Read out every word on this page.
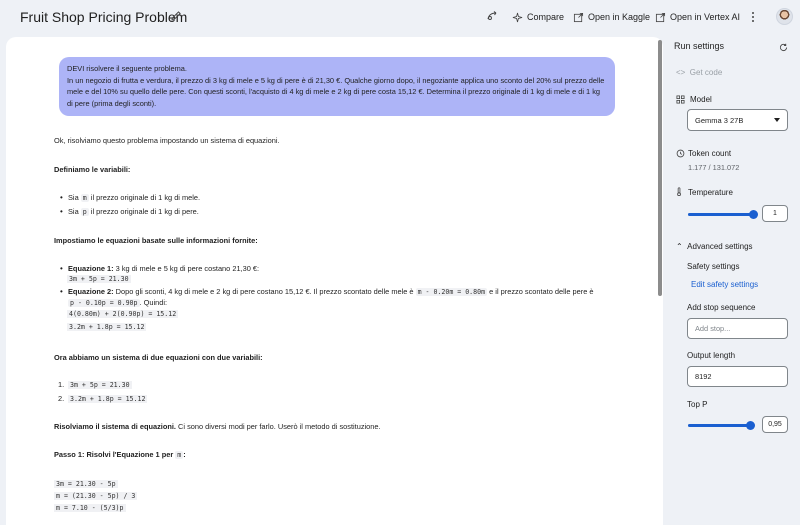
Fruit Shop Pricing Problem	Compare	Open in Kaggle Open in Vertex AI

DEVI risolvere il seguente problema.

In un negozio di frutta e verdura, il prezzo di 3 kg di mele e 5 kg di pere è di 21,30 €. Qualche giorno dopo, il negoziante applica uno sconto del 20% sul prezzo delle mele e del 10% su quello delle pere. Con questi sconti, l'acquisto di 4 kg di mele e 2 kg di pere costa 15,12 €. Determina il prezzo originale di 1 kg di mele e di 1 kg di pere (prima degli sconti).

Ok, risolviamo questo problema impostando un sistema di equazioni.
Definiamo le variabili:
• Sia m il prezzo originale di 1 kg di mele.
• Sia p il prezzo originale di 1 kg di pere.
Impostiamo le equazioni basate sulle informazioni fornite:
• Equazione 1: 3 kg di mele e 5 kg di pere costano 21,30 €:
3m + 5p = 21.30
• Equazione 2: Dopo gli sconti, 4 kg di mele e 2 kg di pere costano 15,12 €. Il prezzo scontato delle mele è m - 0.20m = 0.80m e il prezzo scontato delle pere è
p - 0.10p = 0.90p . Quindi:
4(0.80m) + 2(0.90p) = 15.12
3.2m + 1.8p = 15.12
Ora abbiamo un sistema di due equazioni con due variabili:
1. 3m + 5p = 21.30
2. 3.2m + 1.8p = 15.12
Risolviamo il sistema di equazioni. Ci sono diversi modi per farlo. Userò il metodo di sostituzione.
Passo 1: Risolvi l'Equazione 1 per m :
3m = 21.30 - 5p
m = (21.30 - 5p) / 3
m = 7.10 - (5/3)p
Run settings
<> Get code
Model
Gemma 3 27B
Token count
1.177 / 131.072
Temperature
1
⌃ Advanced settings
Safety settings
Edit safety settings
Add stop sequence
Add stop...
Output length
8192
Top P
0,95
